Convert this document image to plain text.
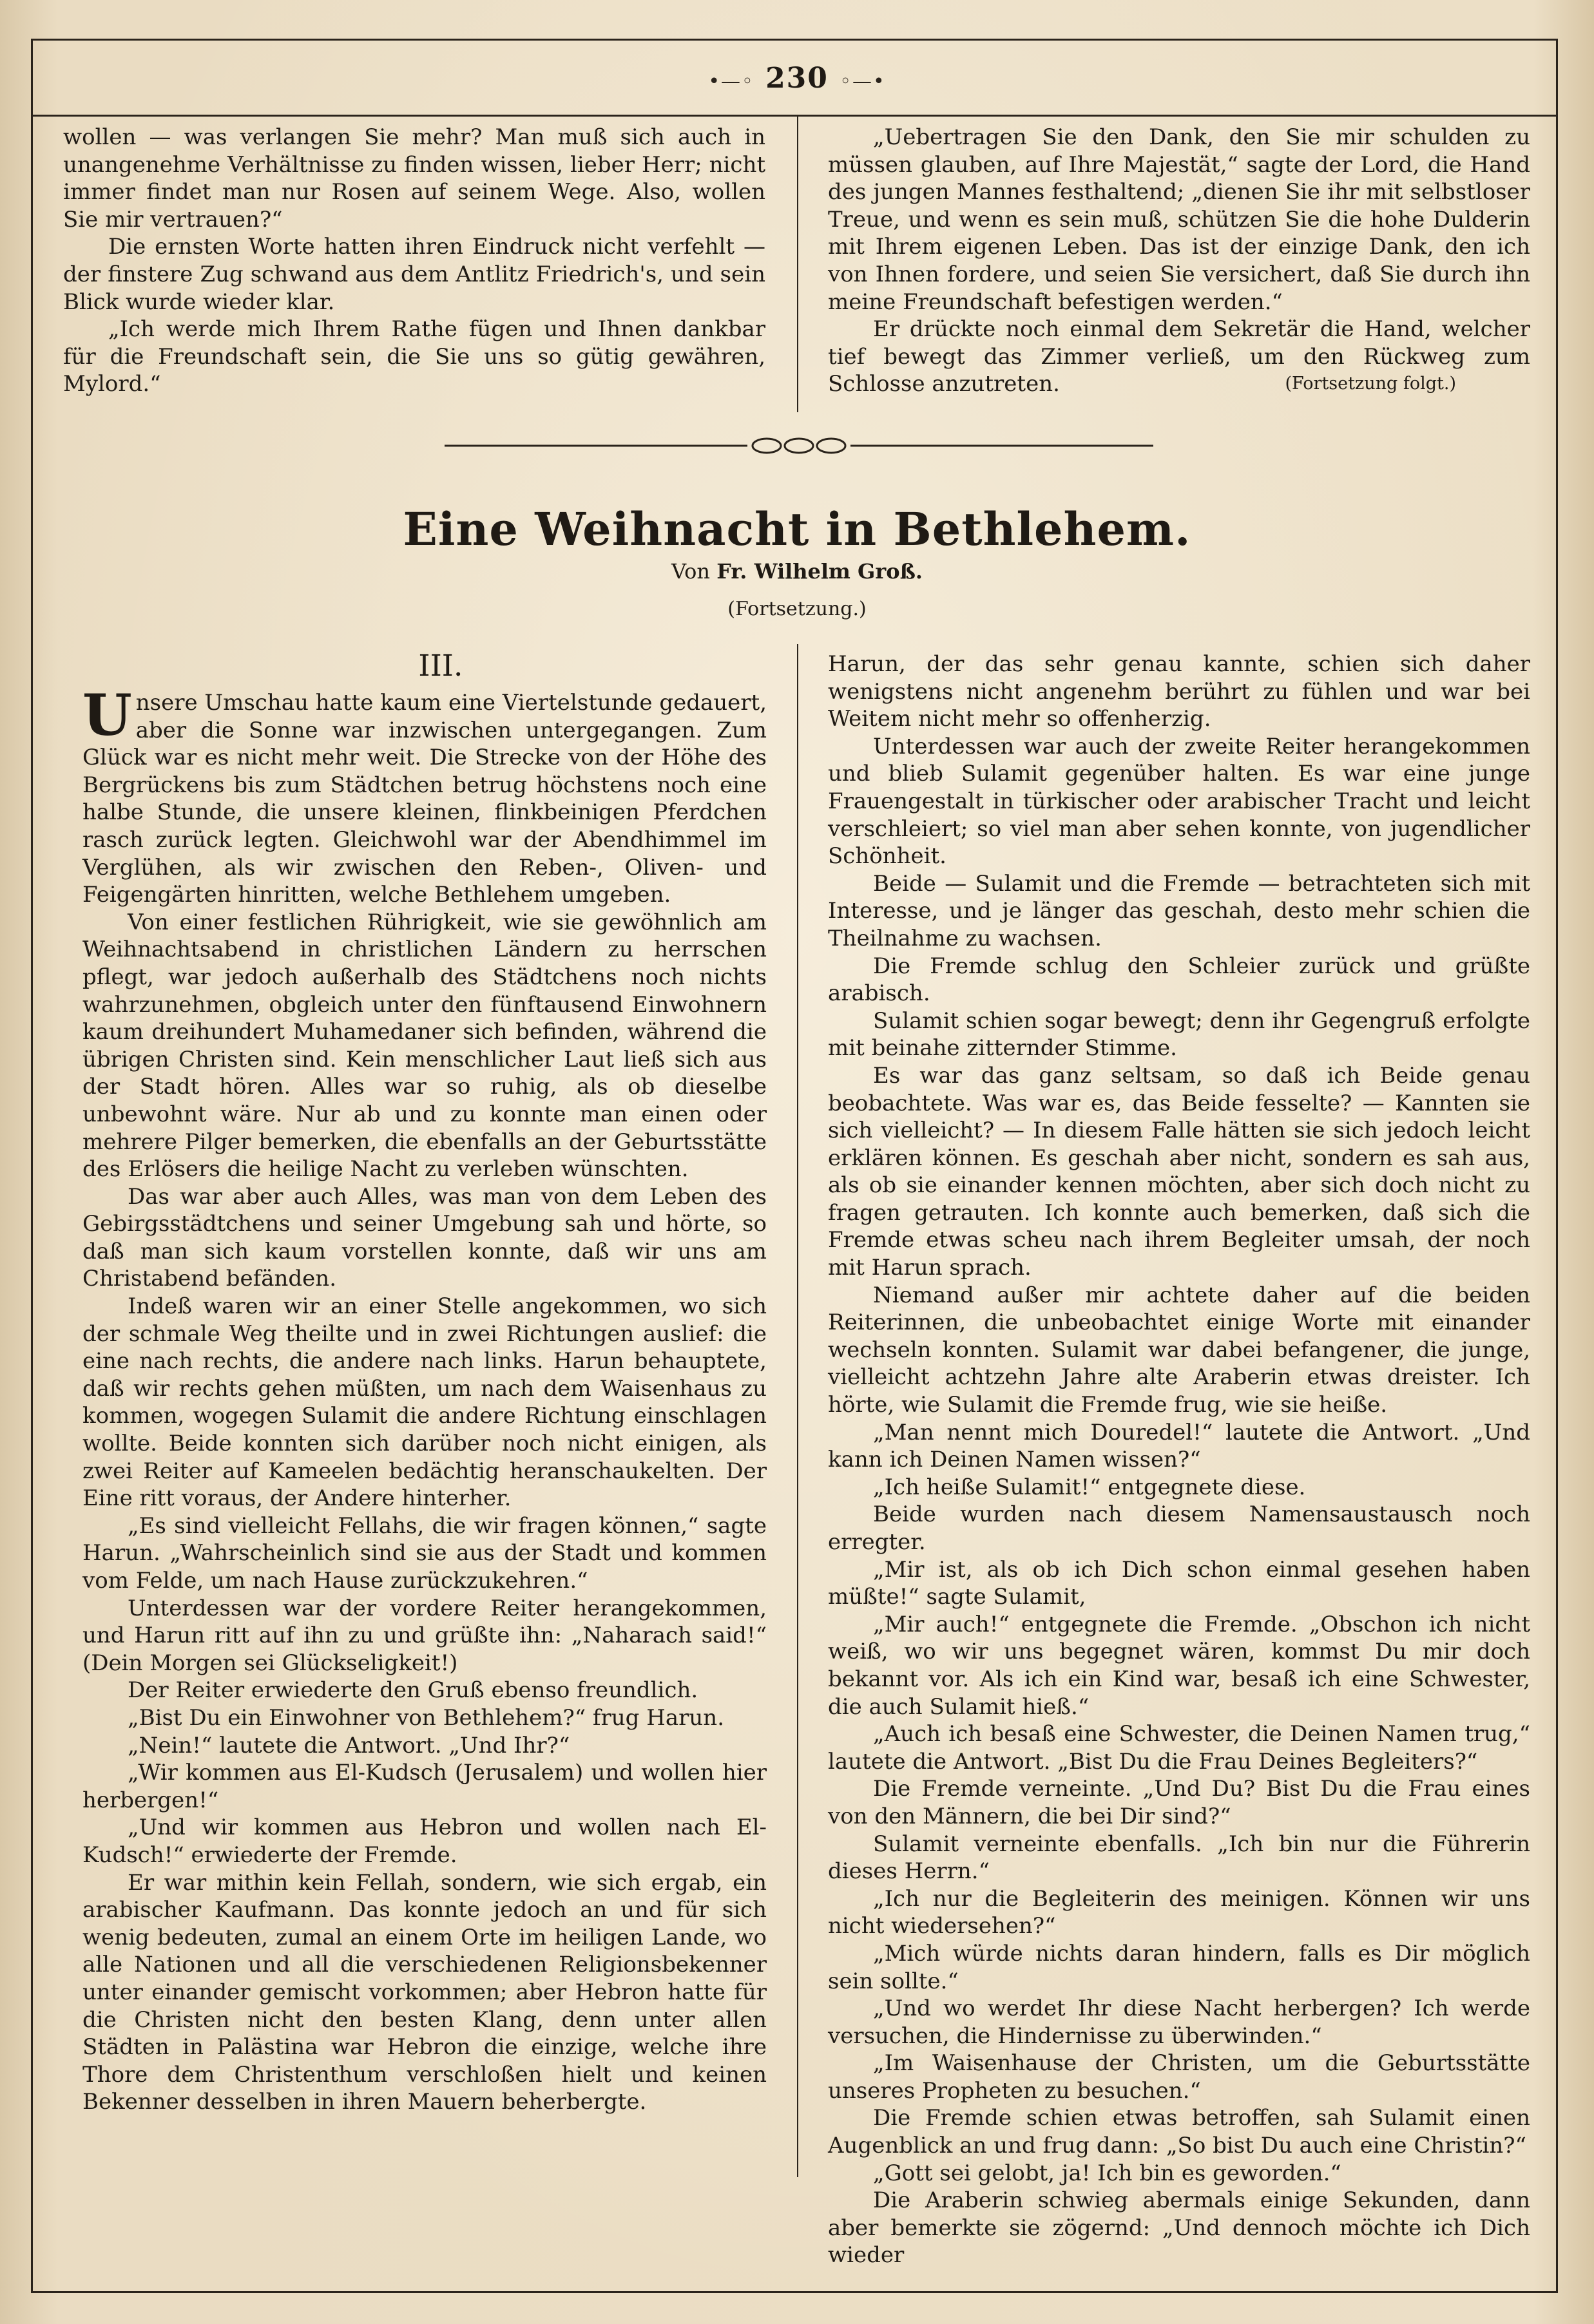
•—◦ 230 ◦—•

wollen — was verlangen Sie mehr? Man muß sich auch in unangenehme Verhältnisse zu finden wissen, lieber Herr; nicht immer findet man nur Rosen auf seinem Wege. Also, wollen Sie mir vertrauen?“

Die ernsten Worte hatten ihren Eindruck nicht verfehlt — der finstere Zug schwand aus dem Antlitz Friedrich's, und sein Blick wurde wieder klar.

„Ich werde mich Ihrem Rathe fügen und Ihnen dankbar für die Freundschaft sein, die Sie uns so gütig gewähren, Mylord.“

„Uebertragen Sie den Dank, den Sie mir schulden zu müssen glauben, auf Ihre Majestät,“ sagte der Lord, die Hand des jungen Mannes festhaltend; „dienen Sie ihr mit selbstloser Treue, und wenn es sein muß, schützen Sie die hohe Dulderin mit Ihrem eigenen Leben. Das ist der einzige Dank, den ich von Ihnen fordere, und seien Sie versichert, daß Sie durch ihn meine Freundschaft befestigen werden.“

Er drückte noch einmal dem Sekretär die Hand, welcher tief bewegt das Zimmer verließ, um den Rückweg zum Schlosse anzutreten.	(Fortsetzung folgt.)
Eine Weihnacht in Bethlehem.
Von Fr. Wilhelm Groß.
(Fortsetzung.)
III.

Unsere Umschau hatte kaum eine Viertelstunde gedauert, aber die Sonne war inzwischen untergegangen. Zum Glück war es nicht mehr weit. Die Strecke von der Höhe des Bergrückens bis zum Städtchen betrug höchstens noch eine halbe Stunde, die unsere kleinen, flinkbeinigen Pferdchen rasch zurück legten. Gleichwohl war der Abendhimmel im Verglühen, als wir zwischen den Reben-, Oliven- und Feigengärten hinritten, welche Bethlehem umgeben.

Von einer festlichen Rührigkeit, wie sie gewöhnlich am Weihnachtsabend in christlichen Ländern zu herrschen pflegt, war jedoch außerhalb des Städtchens noch nichts wahrzunehmen, obgleich unter den fünftausend Einwohnern kaum dreihundert Muhamedaner sich befinden, während die übrigen Christen sind. Kein menschlicher Laut ließ sich aus der Stadt hören. Alles war so ruhig, als ob dieselbe unbewohnt wäre. Nur ab und zu konnte man einen oder mehrere Pilger bemerken, die ebenfalls an der Geburtsstätte des Erlösers die heilige Nacht zu verleben wünschten.

Das war aber auch Alles, was man von dem Leben des Gebirgsstädtchens und seiner Umgebung sah und hörte, so daß man sich kaum vorstellen konnte, daß wir uns am Christabend befänden.

Indeß waren wir an einer Stelle angekommen, wo sich der schmale Weg theilte und in zwei Richtungen auslief: die eine nach rechts, die andere nach links. Harun behauptete, daß wir rechts gehen müßten, um nach dem Waisenhaus zu kommen, wogegen Sulamit die andere Richtung einschlagen wollte. Beide konnten sich darüber noch nicht einigen, als zwei Reiter auf Kameelen bedächtig heranschaukelten. Der Eine ritt voraus, der Andere hinterher.

„Es sind vielleicht Fellahs, die wir fragen können,“ sagte Harun. „Wahrscheinlich sind sie aus der Stadt und kommen vom Felde, um nach Hause zurückzukehren.“

Unterdessen war der vordere Reiter herangekommen, und Harun ritt auf ihn zu und grüßte ihn: „Naharach said!“ (Dein Morgen sei Glückseligkeit!)

Der Reiter erwiederte den Gruß ebenso freundlich.

„Bist Du ein Einwohner von Bethlehem?“ frug Harun.

„Nein!“ lautete die Antwort. „Und Ihr?“

„Wir kommen aus El-Kudsch (Jerusalem) und wollen hier herbergen!“

„Und wir kommen aus Hebron und wollen nach El-Kudsch!“ erwiederte der Fremde.

Er war mithin kein Fellah, sondern, wie sich ergab, ein arabischer Kaufmann. Das konnte jedoch an und für sich wenig bedeuten, zumal an einem Orte im heiligen Lande, wo alle Nationen und all die verschiedenen Religionsbekenner unter einander gemischt vorkommen; aber Hebron hatte für die Christen nicht den besten Klang, denn unter allen Städten in Palästina war Hebron die einzige, welche ihre Thore dem Christenthum verschloßen hielt und keinen Bekenner desselben in ihren Mauern beherbergte.

Harun, der das sehr genau kannte, schien sich daher wenigstens nicht angenehm berührt zu fühlen und war bei Weitem nicht mehr so offenherzig.

Unterdessen war auch der zweite Reiter herangekommen und blieb Sulamit gegenüber halten. Es war eine junge Frauengestalt in türkischer oder arabischer Tracht und leicht verschleiert; so viel man aber sehen konnte, von jugendlicher Schönheit.

Beide — Sulamit und die Fremde — betrachteten sich mit Interesse, und je länger das geschah, desto mehr schien die Theilnahme zu wachsen.

Die Fremde schlug den Schleier zurück und grüßte arabisch.

Sulamit schien sogar bewegt; denn ihr Gegengruß erfolgte mit beinahe zitternder Stimme.

Es war das ganz seltsam, so daß ich Beide genau beobachtete. Was war es, das Beide fesselte? — Kannten sie sich vielleicht? — In diesem Falle hätten sie sich jedoch leicht erklären können. Es geschah aber nicht, sondern es sah aus, als ob sie einander kennen möchten, aber sich doch nicht zu fragen getrauten. Ich konnte auch bemerken, daß sich die Fremde etwas scheu nach ihrem Begleiter umsah, der noch mit Harun sprach.

Niemand außer mir achtete daher auf die beiden Reiterinnen, die unbeobachtet einige Worte mit einander wechseln konnten. Sulamit war dabei befangener, die junge, vielleicht achtzehn Jahre alte Araberin etwas dreister. Ich hörte, wie Sulamit die Fremde frug, wie sie heiße.

„Man nennt mich Douredel!“ lautete die Antwort. „Und kann ich Deinen Namen wissen?“

„Ich heiße Sulamit!“ entgegnete diese.

Beide wurden nach diesem Namensaustausch noch erregter.

„Mir ist, als ob ich Dich schon einmal gesehen haben müßte!“ sagte Sulamit,

„Mir auch!“ entgegnete die Fremde. „Obschon ich nicht weiß, wo wir uns begegnet wären, kommst Du mir doch bekannt vor. Als ich ein Kind war, besaß ich eine Schwester, die auch Sulamit hieß.“

„Auch ich besaß eine Schwester, die Deinen Namen trug,“ lautete die Antwort. „Bist Du die Frau Deines Begleiters?“

Die Fremde verneinte. „Und Du? Bist Du die Frau eines von den Männern, die bei Dir sind?“

Sulamit verneinte ebenfalls. „Ich bin nur die Führerin dieses Herrn.“

„Ich nur die Begleiterin des meinigen. Können wir uns nicht wiedersehen?“

„Mich würde nichts daran hindern, falls es Dir möglich sein sollte.“

„Und wo werdet Ihr diese Nacht herbergen? Ich werde versuchen, die Hindernisse zu überwinden.“

„Im Waisenhause der Christen, um die Geburtsstätte unseres Propheten zu besuchen.“

Die Fremde schien etwas betroffen, sah Sulamit einen Augenblick an und frug dann: „So bist Du auch eine Christin?“

„Gott sei gelobt, ja! Ich bin es geworden.“

Die Araberin schwieg abermals einige Sekunden, dann aber bemerkte sie zögernd: „Und dennoch möchte ich Dich wieder
